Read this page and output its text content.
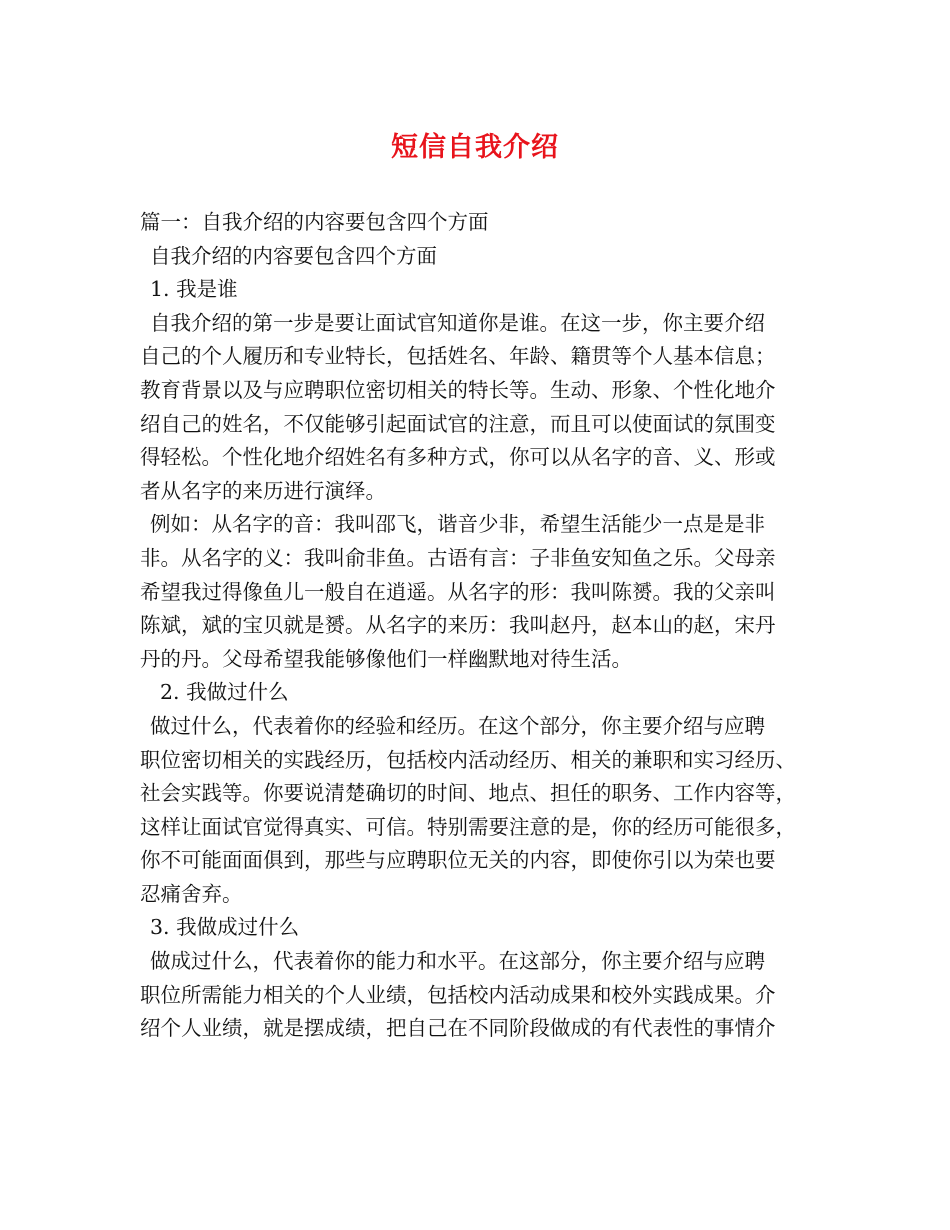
短信自我介绍
篇一：自我介绍的内容要包含四个方面
自我介绍的内容要包含四个方面
1. 我是谁
自我介绍的第一步是要让面试官知道你是谁。在这一步，你主要介绍
自己的个人履历和专业特长，包括姓名、年龄、籍贯等个人基本信息；
教育背景以及与应聘职位密切相关的特长等。生动、形象、个性化地介
绍自己的姓名，不仅能够引起面试官的注意，而且可以使面试的氛围变
得轻松。个性化地介绍姓名有多种方式，你可以从名字的音、义、形或
者从名字的来历进行演绎。
例如：从名字的音：我叫邵飞，谐音少非，希望生活能少一点是是非
非。从名字的义：我叫俞非鱼。古语有言：子非鱼安知鱼之乐。父母亲
希望我过得像鱼儿一般自在逍遥。从名字的形：我叫陈赟。我的父亲叫
陈斌，斌的宝贝就是赟。从名字的来历：我叫赵丹，赵本山的赵，宋丹
丹的丹。父母希望我能够像他们一样幽默地对待生活。
2. 我做过什么
做过什么，代表着你的经验和经历。在这个部分，你主要介绍与应聘
职位密切相关的实践经历，包括校内活动经历、相关的兼职和实习经历、
社会实践等。你要说清楚确切的时间、地点、担任的职务、工作内容等，
这样让面试官觉得真实、可信。特别需要注意的是，你的经历可能很多，
你不可能面面俱到，那些与应聘职位无关的内容，即使你引以为荣也要
忍痛舍弃。
3. 我做成过什么
做成过什么，代表着你的能力和水平。在这部分，你主要介绍与应聘
职位所需能力相关的个人业绩，包括校内活动成果和校外实践成果。介
绍个人业绩，就是摆成绩，把自己在不同阶段做成的有代表性的事情介
